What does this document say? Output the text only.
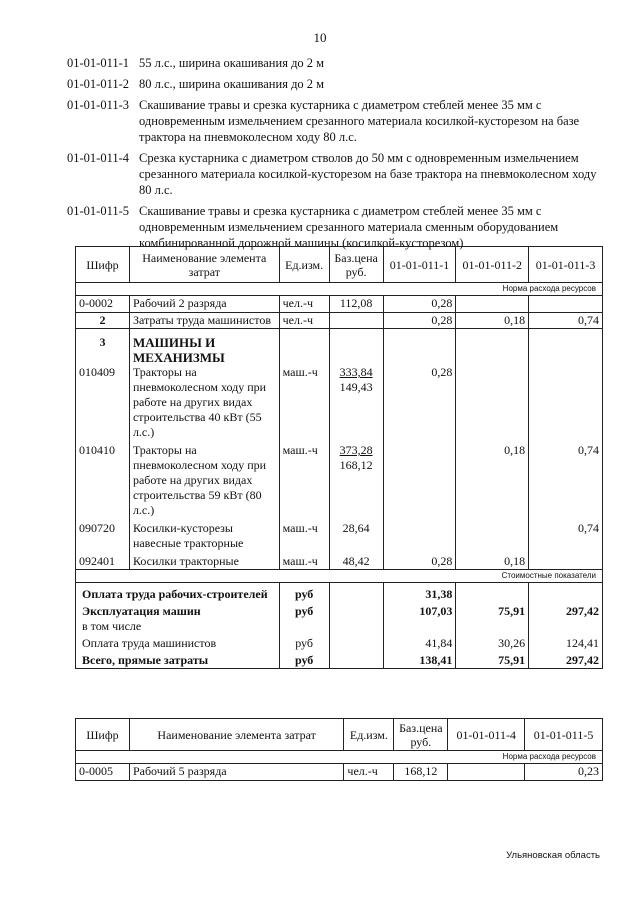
10
01-01-011-1 55 л.с., ширина окашивания до 2 м
01-01-011-2 80 л.с., ширина окашивания до 2 м
01-01-011-3 Скашивание травы и срезка кустарника с диаметром стеблей менее 35 мм с одновременным измельчением срезанного материала косилкой-кусторезом на базе трактора на пневмоколесном ходу 80 л.с.
01-01-011-4 Срезка кустарника с диаметром стволов до 50 мм с одновременным измельчением срезанного материала косилкой-кусторезом на базе трактора на пневмоколесном ходу 80 л.с.
01-01-011-5 Скашивание травы и срезка кустарника с диаметром стеблей менее 35 мм с одновременным измельчением срезанного материала сменным оборудованием комбинированной дорожной машины (косилкой-кусторезом)
Шифр	Наименование элемента затрат	Ед.изм.	Баз.цена руб.	01-01-011-1	01-01-011-2	01-01-011-3
Норма расхода ресурсов						
0-0002	Рабочий 2 разряда	чел.-ч	112,08	0,28		
2	Затраты труда машинистов	чел.-ч		0,28	0,18	0,74
3	МАШИНЫ И МЕХАНИЗМЫ					
010409	Тракторы на пневмоколесном ходу при работе на других видах строительства 40 кВт (55 л.с.)	маш.-ч	333,84
149,43	0,28		
010410	Тракторы на пневмоколесном ходу при работе на других видах строительства 59 кВт (80 л.с.)	маш.-ч	373,28
168,12		0,18	0,74
090720	Косилки-кусторезы навесные тракторные	маш.-ч	28,64			0,74
092401	Косилки тракторные	маш.-ч	48,42	0,28	0,18	
Стоимостные показатели						
Оплата труда рабочих-строителей		руб		31,38		
Эксплуатация машин		руб		107,03	75,91	297,42
в том числе						
Оплата труда машинистов		руб		41,84	30,26	124,41
Всего, прямые затраты		руб		138,41	75,91	297,42
Шифр	Наименование элемента затрат	Ед.изм.	Баз.цена руб.	01-01-011-4	01-01-011-5
Норма расхода ресурсов					
0-0005	Рабочий 5 разряда	чел.-ч	168,12		0,23
Ульяновская область
